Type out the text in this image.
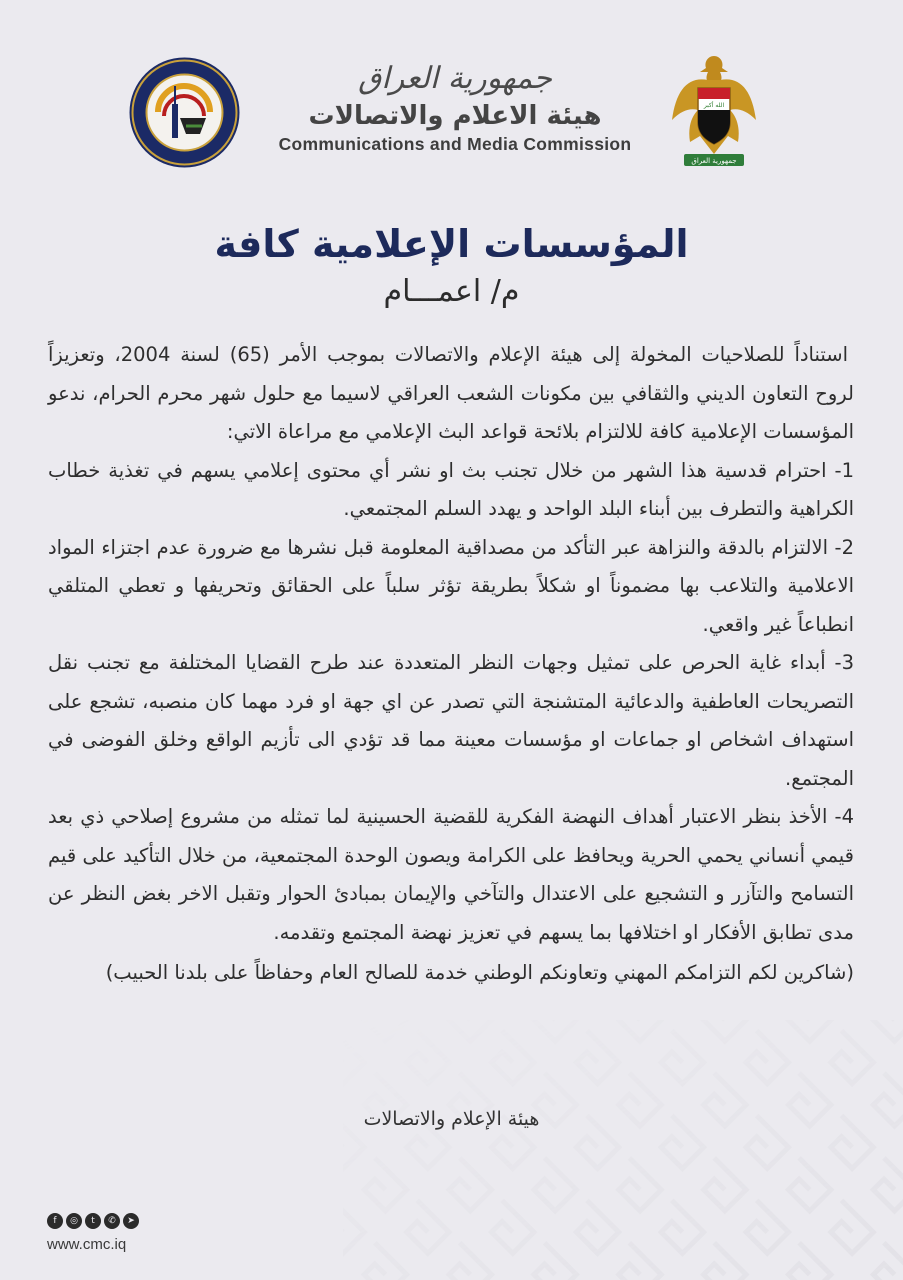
جمهورية العراق
هيئة الاعلام والاتصالات
Communications and Media Commission
الله أكبر
جمهورية العراق
المؤسسات الإعلامية كافة
م/ اعمـــام

استناداً للصلاحيات المخولة إلى هيئة الإعلام والاتصالات بموجب الأمر (65) لسنة 2004، وتعزيزاً لروح التعاون الديني والثقافي بين مكونات الشعب العراقي لاسيما مع حلول شهر محرم الحرام، ندعو المؤسسات الإعلامية كافة للالتزام بلائحة قواعد البث الإعلامي مع مراعاة الاتي:

1- احترام قدسية هذا الشهر من خلال تجنب بث او نشر أي محتوى إعلامي يسهم في تغذية خطاب الكراهية والتطرف بين أبناء البلد الواحد و يهدد السلم المجتمعي.

2- الالتزام بالدقة والنزاهة عبر التأكد من مصداقية المعلومة قبل نشرها مع ضرورة عدم اجتزاء المواد الاعلامية والتلاعب بها مضموناً او شكلاً بطريقة تؤثر سلباً على الحقائق وتحريفها و تعطي المتلقي انطباعاً غير واقعي.

3- أبداء غاية الحرص على تمثيل وجهات النظر المتعددة عند طرح القضايا المختلفة مع تجنب نقل التصريحات العاطفية والدعائية المتشنجة التي تصدر عن اي جهة او فرد مهما كان منصبه، تشجع على استهداف اشخاص او جماعات او مؤسسات معينة مما قد تؤدي الى تأزيم الواقع وخلق الفوضى في المجتمع.

4- الأخذ بنظر الاعتبار أهداف النهضة الفكرية للقضية الحسينية لما تمثله من مشروع إصلاحي ذي بعد قيمي أنساني يحمي الحرية ويحافظ على الكرامة ويصون الوحدة المجتمعية، من خلال التأكيد على قيم التسامح والتآزر و التشجيع على الاعتدال والتآخي والإيمان بمبادئ الحوار وتقبل الاخر بغض النظر عن مدى تطابق الأفكار او اختلافها بما يسهم في تعزيز نهضة المجتمع وتقدمه.

(شاكرين لكم التزامكم المهني وتعاونكم الوطني خدمة للصالح العام وحفاظاً على بلدنا الحبيب)

هيئة الإعلام والاتصالات
f	◎	t	✆	➤
www.cmc.iq
